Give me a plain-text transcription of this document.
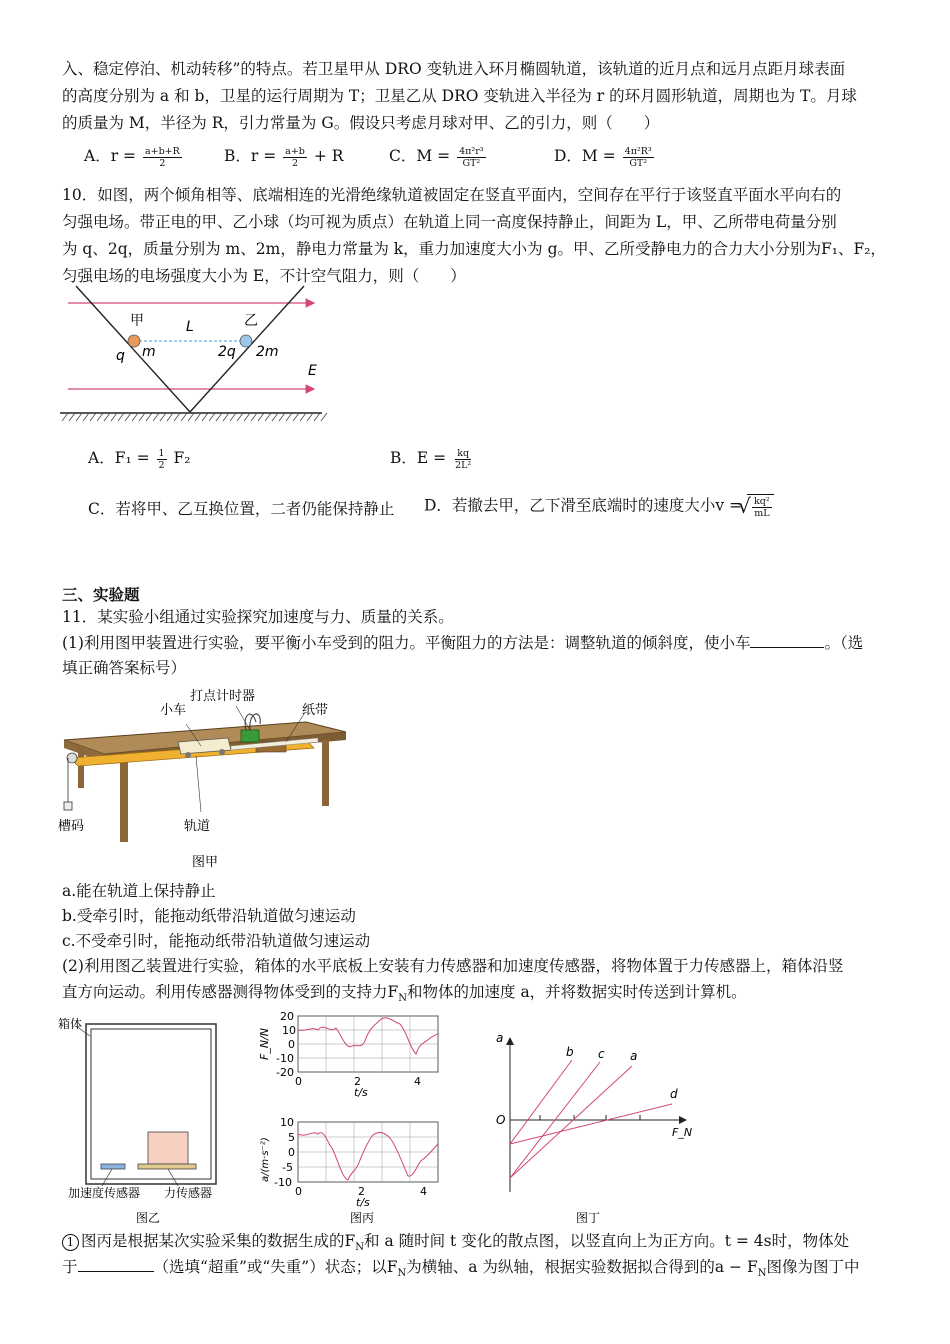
入、稳定停泊、机动转移”的特点。若卫星甲从 DRO 变轨进入环月椭圆轨道，该轨道的近月点和远月点距月球表面
的高度分别为 a 和 b，卫星的运行周期为 T；卫星乙从 DRO 变轨进入半径为 r 的环月圆形轨道，周期也为 T。月球
的质量为 M，半径为 R，引力常量为 G。假设只考虑月球对甲、乙的引力，则（　　）
A．$r = \frac{a+b+R}{2}$	B．$r = \frac{a+b}{2} + R$	C．$M = \frac{\text{4π²r³}}{\text{GT²}}$	D．$M = \frac{\text{4π²R³}}{\text{GT²}}$
10．如图，两个倾角相等、底端相连的光滑绝缘轨道被固定在竖直平面内，空间存在平行于该竖直平面水平向右的
匀强电场。带正电的甲、乙小球（均可视为质点）在轨道上同一高度保持静止，间距为 L，甲、乙所带电荷量分别
为 q、2q，质量分别为 m、2m，静电力常量为 k，重力加速度大小为 g。甲、乙所受静电力的合力大小分别为F₁、F₂，
匀强电场的电场强度大小为 E，不计空气阻力，则（　　）
甲	乙
L
q m	2q 2m
E
A．$F_1 = \frac{1}{2} F_2$	B．$E = \frac{kq}{\text{2L²}}$
C．若将甲、乙互换位置，二者仍能保持静止 D．若撤去甲，乙下滑至底端时的速度大小v =
√ $\frac{\text{kq²}}{mL}$
三、实验题
11．某实验小组通过实验探究加速度与力、质量的关系。
(1)利用图甲装置进行实验，要平衡小车受到的阻力。平衡阻力的方法是：调整轨道的倾斜度，使小车	。（选
填正确答案标号）
打点计时器
小车	纸带
轨道
槽码
图甲
a.能在轨道上保持静止
b.受牵引时，能拖动纸带沿轨道做匀速运动
c.不受牵引时，能拖动纸带沿轨道做匀速运动
(2)利用图乙装置进行实验，箱体的水平底板上安装有力传感器和加速度传感器，将物体置于力传感器上，箱体沿竖
直方向运动。利用传感器测得物体受到的支持力$F_N$和物体的加速度 a，并将数据实时传送到计算机。
箱体
加速度传感器 力传感器
图乙
20
10
0
-10
-20
0	2	4
t/s
F_N/N
10
5
0
-5
-10
0	2	4
t/s
a/(m·s⁻²)
图丙
a
F_N
O
b c a
d
图丁
1 图丙是根据某次实验采集的数据生成的$F_N$和 a 随时间 t 变化的散点图，以竖直向上为正方向。t = 4s时，物体处
于	（选填“超重”或“失重”）状态；以$F_N$为横轴、a 为纵轴，根据实验数据拟合得到的$a - F_N$图像为图丁中
